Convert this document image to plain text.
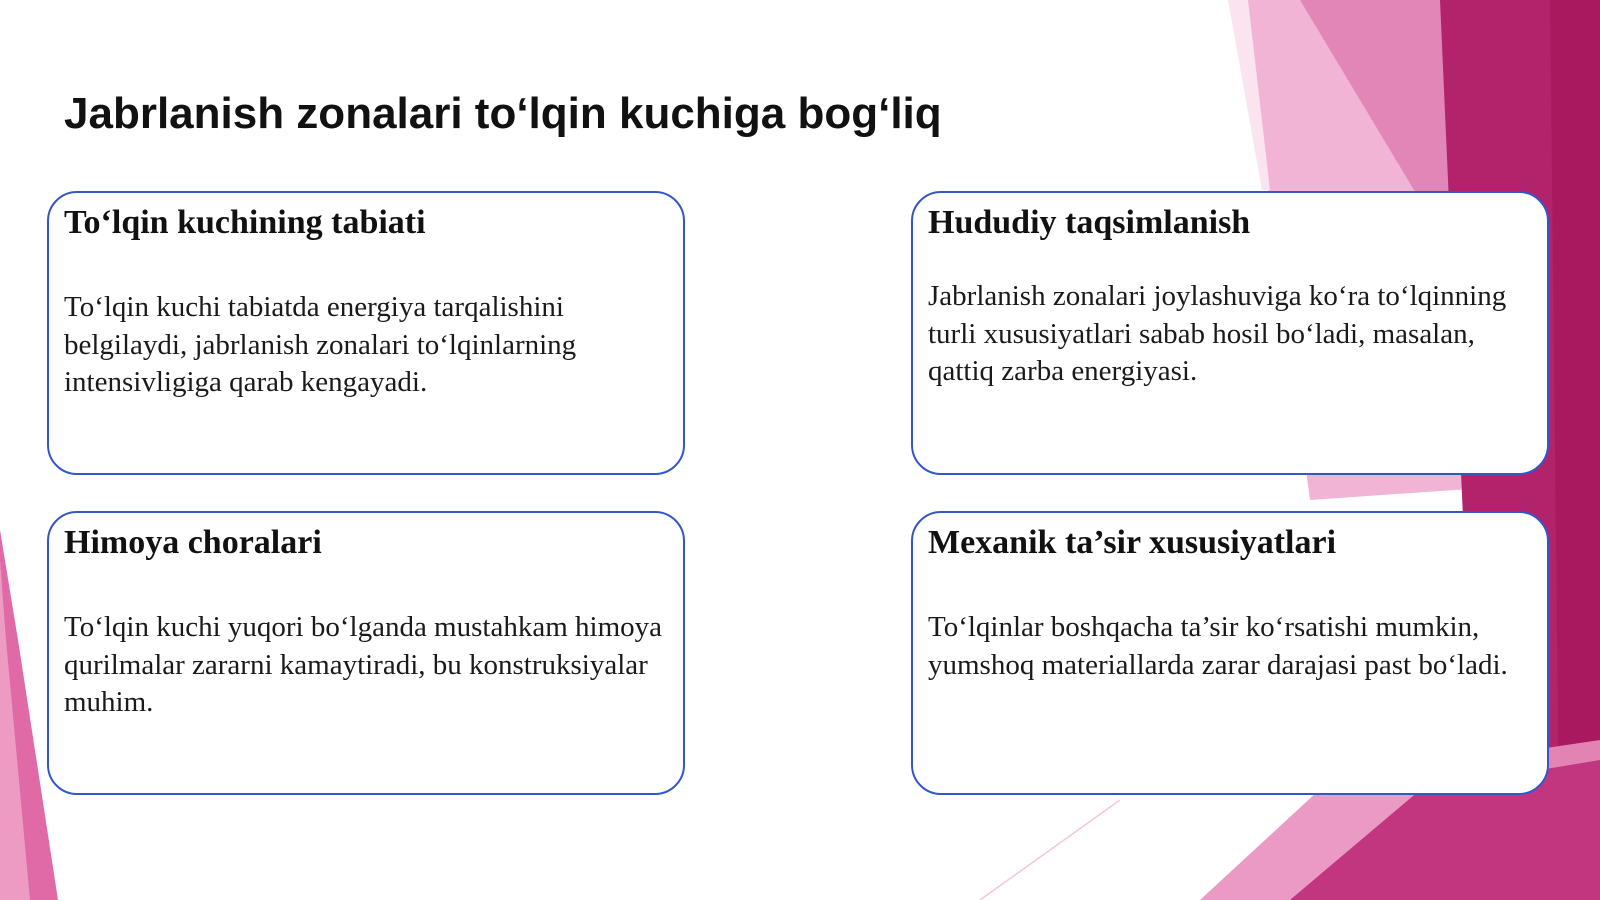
Jabrlanish zonalari to‘lqin kuchiga bog‘liq
To‘lqin kuchining tabiati

To‘lqin kuchi tabiatda energiya tarqalishini belgilaydi, jabrlanish zonalari to‘lqinlarning intensivligiga qarab kengayadi.

Hududiy taqsimlanish

Jabrlanish zonalari joylashuviga ko‘ra to‘lqinning turli xususiyatlari sabab hosil bo‘ladi, masalan, qattiq zarba energiyasi.

Himoya choralari

To‘lqin kuchi yuqori bo‘lganda mustahkam himoya qurilmalar zararni kamaytiradi, bu konstruksiyalar muhim.

Mexanik ta’sir xususiyatlari

To‘lqinlar boshqacha ta’sir ko‘rsatishi mumkin, yumshoq materiallarda zarar darajasi past bo‘ladi.
